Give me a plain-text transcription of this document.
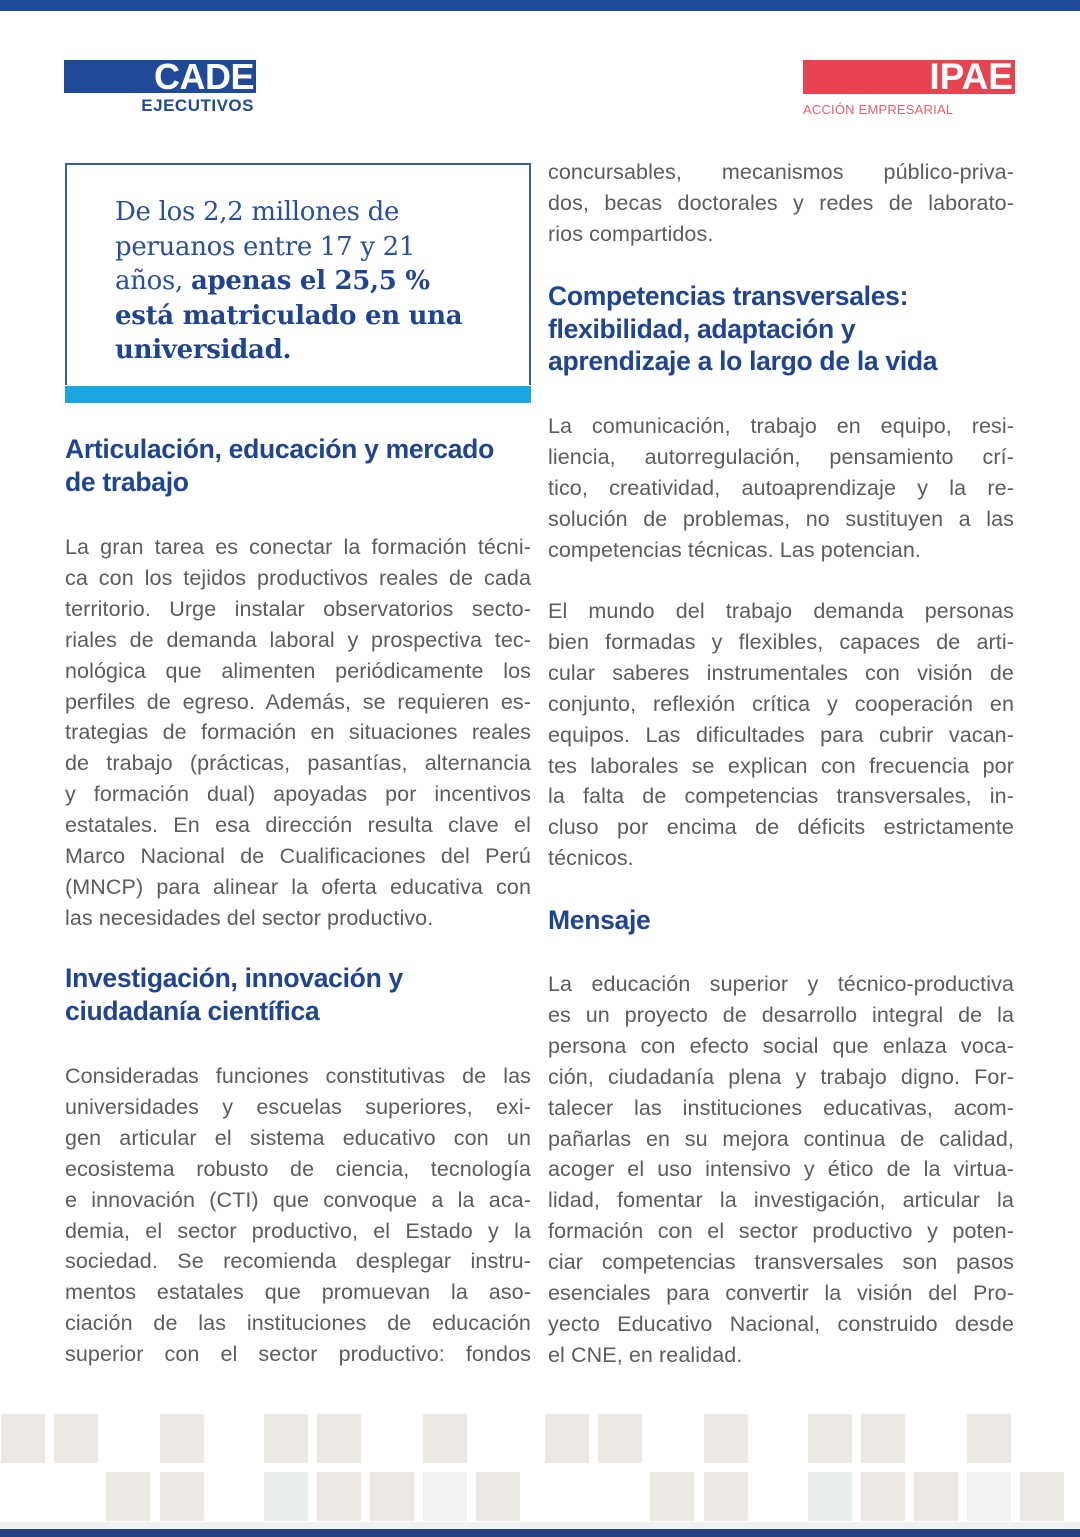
CADE
EJECUTIVOS
IPAE
ACCIÓN EMPRESARIAL
De los 2,2 millones de
peruanos entre 17 y 21
años, apenas el 25,5 %
está matriculado en una
universidad.
Articulación, educación y mercado
de trabajo
La gran tarea es conectar la formación técni-
ca con los tejidos productivos reales de cada
territorio. Urge instalar observatorios secto-
riales de demanda laboral y prospectiva tec-
nológica que alimenten periódicamente los
perfiles de egreso. Además, se requieren es-
trategias de formación en situaciones reales
de trabajo (prácticas, pasantías, alternancia
y formación dual) apoyadas por incentivos
estatales. En esa dirección resulta clave el
Marco Nacional de Cualificaciones del Perú
(MNCP) para alinear la oferta educativa con
las necesidades del sector productivo.
Investigación, innovación y
ciudadanía científica
Consideradas funciones constitutivas de las
universidades y escuelas superiores, exi-
gen articular el sistema educativo con un
ecosistema robusto de ciencia, tecnología
e innovación (CTI) que convoque a la aca-
demia, el sector productivo, el Estado y la
sociedad. Se recomienda desplegar instru-
mentos estatales que promuevan la aso-
ciación de las instituciones de educación
superior con el sector productivo: fondos
concursables, mecanismos público-priva-
dos, becas doctorales y redes de laborato-
rios compartidos.
Competencias transversales:
flexibilidad, adaptación y
aprendizaje a lo largo de la vida
La comunicación, trabajo en equipo, resi-
liencia, autorregulación, pensamiento crí-
tico, creatividad, autoaprendizaje y la re-
solución de problemas, no sustituyen a las
competencias técnicas. Las potencian.
El mundo del trabajo demanda personas
bien formadas y flexibles, capaces de arti-
cular saberes instrumentales con visión de
conjunto, reflexión crítica y cooperación en
equipos. Las dificultades para cubrir vacan-
tes laborales se explican con frecuencia por
la falta de competencias transversales, in-
cluso por encima de déficits estrictamente
técnicos.
Mensaje
La educación superior y técnico-productiva
es un proyecto de desarrollo integral de la
persona con efecto social que enlaza voca-
ción, ciudadanía plena y trabajo digno. For-
talecer las instituciones educativas, acom-
pañarlas en su mejora continua de calidad,
acoger el uso intensivo y ético de la virtua-
lidad, fomentar la investigación, articular la
formación con el sector productivo y poten-
ciar competencias transversales son pasos
esenciales para convertir la visión del Pro-
yecto Educativo Nacional, construido desde
el CNE, en realidad.
